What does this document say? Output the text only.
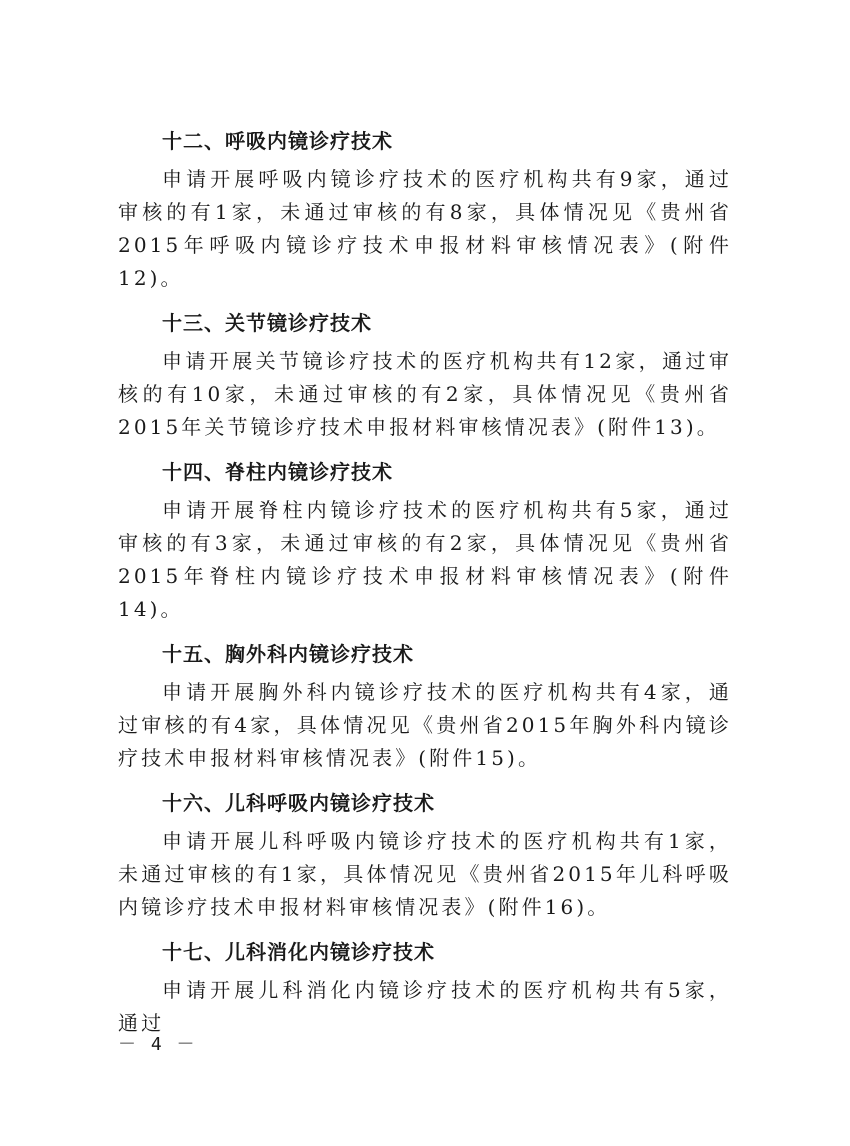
十二、呼吸内镜诊疗技术

申请开展呼吸内镜诊疗技术的医疗机构共有9家，通过审核的有1家，未通过审核的有8家，具体情况见《贵州省2015年呼吸内镜诊疗技术申报材料审核情况表》(附件12)。

十三、关节镜诊疗技术

申请开展关节镜诊疗技术的医疗机构共有12家，通过审核的有10家，未通过审核的有2家，具体情况见《贵州省2015年关节镜诊疗技术申报材料审核情况表》(附件13)。

十四、脊柱内镜诊疗技术

申请开展脊柱内镜诊疗技术的医疗机构共有5家，通过审核的有3家，未通过审核的有2家，具体情况见《贵州省2015年脊柱内镜诊疗技术申报材料审核情况表》(附件14)。

十五、胸外科内镜诊疗技术

申请开展胸外科内镜诊疗技术的医疗机构共有4家，通过审核的有4家，具体情况见《贵州省2015年胸外科内镜诊疗技术申报材料审核情况表》(附件15)。

十六、儿科呼吸内镜诊疗技术

申请开展儿科呼吸内镜诊疗技术的医疗机构共有1家，未通过审核的有1家，具体情况见《贵州省2015年儿科呼吸内镜诊疗技术申报材料审核情况表》(附件16)。

十七、儿科消化内镜诊疗技术

申请开展儿科消化内镜诊疗技术的医疗机构共有5家，通过

－ 4 －
